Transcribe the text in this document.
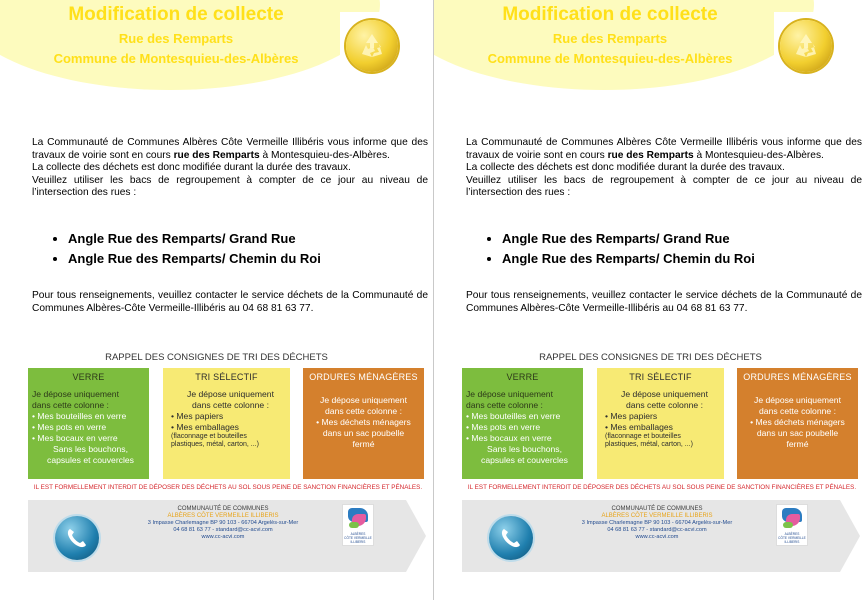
Modification de collecte
Rue des Remparts
Commune de Montesquieu-des-Albères

La Communauté de Communes Albères Côte Vermeille Illibéris vous informe que des travaux de voirie sont en cours rue des Remparts à Montesquieu-des-Albères.

La collecte des déchets est donc modifiée durant la durée des travaux.

Veuillez utiliser les bacs de regroupement à compter de ce jour au niveau de l’intersection des rues :

• Angle Rue des Remparts/ Grand Rue
• Angle Rue des Remparts/ Chemin du Roi
Pour tous renseignements, veuillez contacter le service déchets de la Communauté de Communes Albères-Côte Vermeille-Illibéris au 04 68 81 63 77.
RAPPEL DES CONSIGNES DE TRI DES DÉCHETS
VERRE
Je dépose uniquement
dans cette colonne :
• Mes bouteilles en verre
• Mes pots en verre
• Mes bocaux en verre
Sans les bouchons,
capsules et couvercles
TRI SÉLECTIF
Je dépose uniquement
dans cette colonne :
• Mes papiers
• Mes emballages
(flaconnage et bouteilles
plastiques, métal, carton, ...)
ORDURES MÉNAGÈRES
Je dépose uniquement
dans cette colonne :
• Mes déchets ménagers
dans un sac poubelle
fermé
IL EST FORMELLEMENT INTERDIT DE DÉPOSER DES DÉCHETS AU SOL SOUS PEINE DE SANCTION FINANCIÈRES ET PÉNALES.
COMMUNAUTÉ DE COMMUNES
ALBÈRES CÔTE VERMEILLE ILLIBERIS
3 Impasse Charlemagne BP 90 103 - 66704 Argelès-sur-Mer
04 68 81 63 77 - standard@cc-acvi.com
www.cc-acvi.com	ALBÈRES
CÔTE VERMEILLE
ILLIBERIS
Modification de collecte
Rue des Remparts
Commune de Montesquieu-des-Albères

La Communauté de Communes Albères Côte Vermeille Illibéris vous informe que des travaux de voirie sont en cours rue des Remparts à Montesquieu-des-Albères.

La collecte des déchets est donc modifiée durant la durée des travaux.

Veuillez utiliser les bacs de regroupement à compter de ce jour au niveau de l’intersection des rues :

• Angle Rue des Remparts/ Grand Rue
• Angle Rue des Remparts/ Chemin du Roi
Pour tous renseignements, veuillez contacter le service déchets de la Communauté de Communes Albères-Côte Vermeille-Illibéris au 04 68 81 63 77.
RAPPEL DES CONSIGNES DE TRI DES DÉCHETS
VERRE
Je dépose uniquement
dans cette colonne :
• Mes bouteilles en verre
• Mes pots en verre
• Mes bocaux en verre
Sans les bouchons,
capsules et couvercles
TRI SÉLECTIF
Je dépose uniquement
dans cette colonne :
• Mes papiers
• Mes emballages
(flaconnage et bouteilles
plastiques, métal, carton, ...)
ORDURES MÉNAGÈRES
Je dépose uniquement
dans cette colonne :
• Mes déchets ménagers
dans un sac poubelle
fermé
IL EST FORMELLEMENT INTERDIT DE DÉPOSER DES DÉCHETS AU SOL SOUS PEINE DE SANCTION FINANCIÈRES ET PÉNALES.
COMMUNAUTÉ DE COMMUNES
ALBÈRES CÔTE VERMEILLE ILLIBERIS
3 Impasse Charlemagne BP 90 103 - 66704 Argelès-sur-Mer
04 68 81 63 77 - standard@cc-acvi.com
www.cc-acvi.com	ALBÈRES
CÔTE VERMEILLE
ILLIBERIS
